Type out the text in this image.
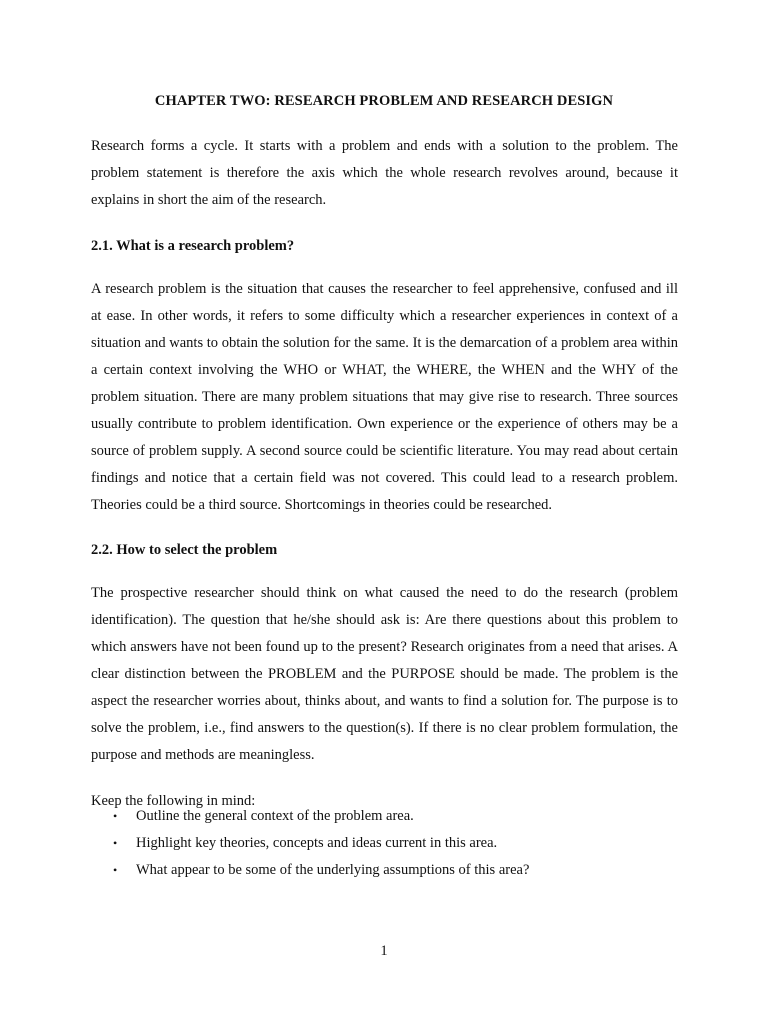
CHAPTER TWO: RESEARCH PROBLEM AND RESEARCH DESIGN

Research forms a cycle. It starts with a problem and ends with a solution to the problem. The problem statement is therefore the axis which the whole research revolves around, because it explains in short the aim of the research.

2.1. What is a research problem?

A research problem is the situation that causes the researcher to feel apprehensive, confused and ill at ease. In other words, it refers to some difficulty which a researcher experiences in context of a situation and wants to obtain the solution for the same. It is the demarcation of a problem area within a certain context involving the WHO or WHAT, the WHERE, the WHEN and the WHY of the problem situation. There are many problem situations that may give rise to research. Three sources usually contribute to problem identification. Own experience or the experience of others may be a source of problem supply. A second source could be scientific literature. You may read about certain findings and notice that a certain field was not covered. This could lead to a research problem. Theories could be a third source. Shortcomings in theories could be researched.

2.2. How to select the problem

The prospective researcher should think on what caused the need to do the research (problem identification). The question that he/she should ask is: Are there questions about this problem to which answers have not been found up to the present? Research originates from a need that arises. A clear distinction between the PROBLEM and the PURPOSE should be made. The problem is the aspect the researcher worries about, thinks about, and wants to find a solution for. The purpose is to solve the problem, i.e., find answers to the question(s). If there is no clear problem formulation, the purpose and methods are meaningless.

Keep the following in mind:

• Outline the general context of the problem area.
• Highlight key theories, concepts and ideas current in this area.
• What appear to be some of the underlying assumptions of this area?
1
